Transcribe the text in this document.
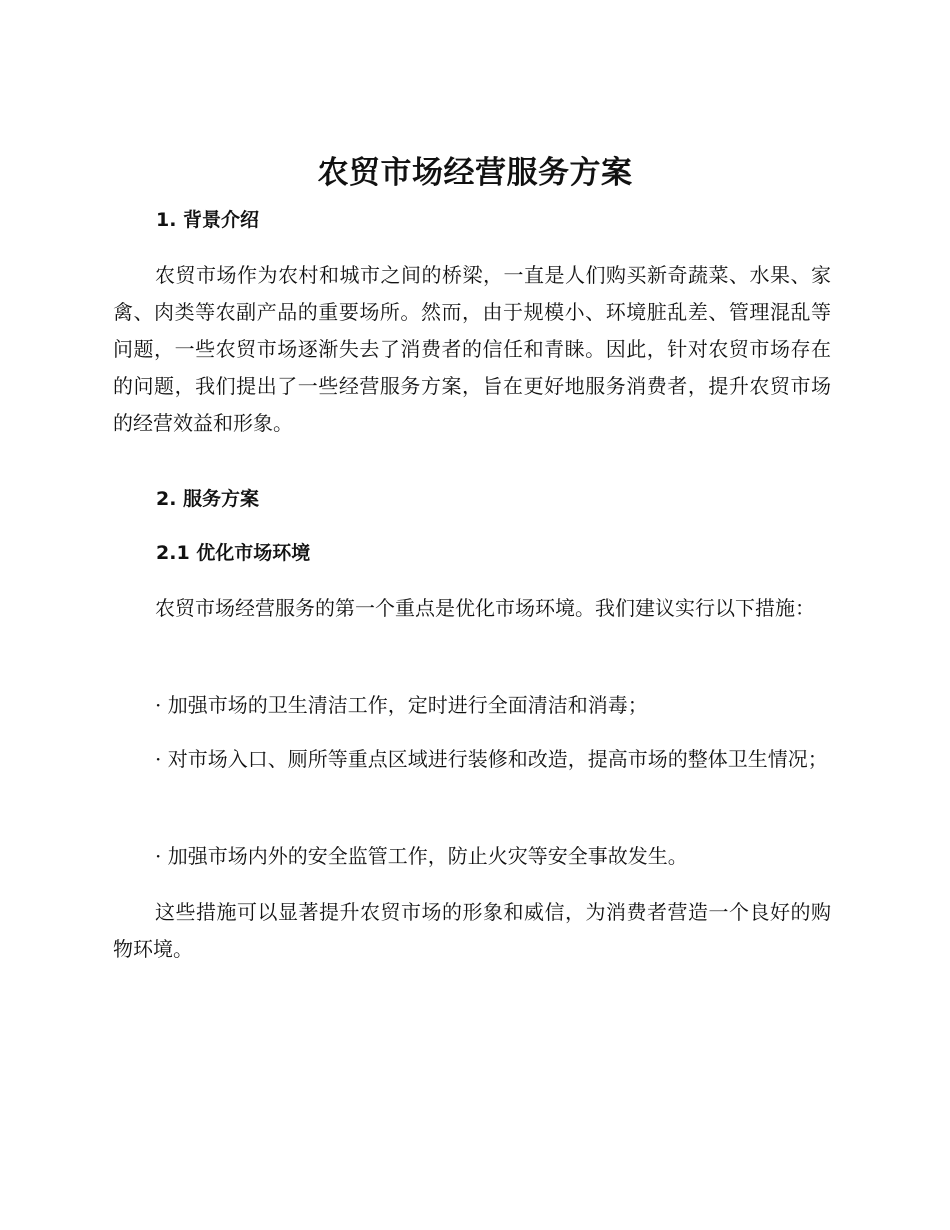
农贸市场经营服务方案
1. 背景介绍

农贸市场作为农村和城市之间的桥梁，一直是人们购买新奇蔬菜、水果、家禽、肉类等农副产品的重要场所。然而，由于规模小、环境脏乱差、管理混乱等问题，一些农贸市场逐渐失去了消费者的信任和青睐。因此，针对农贸市场存在的问题，我们提出了一些经营服务方案，旨在更好地服务消费者，提升农贸市场的经营效益和形象。

2. 服务方案
2.1 优化市场环境

农贸市场经营服务的第一个重点是优化市场环境。我们建议实行以下措施：

· 加强市场的卫生清洁工作，定时进行全面清洁和消毒；

· 对市场入口、厕所等重点区域进行装修和改造，提高市场的整体卫生情况；

· 加强市场内外的安全监管工作，防止火灾等安全事故发生。

这些措施可以显著提升农贸市场的形象和威信，为消费者营造一个良好的购物环境。
